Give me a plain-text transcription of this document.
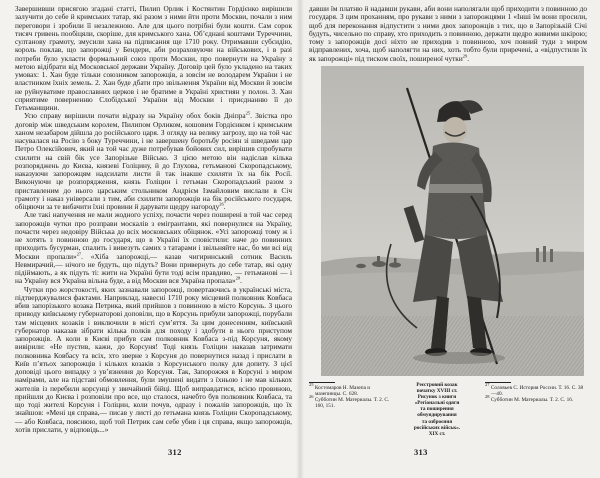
Завершивши присягою згадані статті, Пилип Орлик і Костянтин Гордієнко вирішили залучити до себе й кримських татар, які разом з ними йти проти Москви, почали з ним переговори і зробили її незалежною. Але для цього потрібні були кошти. Сам сорок тисяч гривень пообіцяли, скоріше, для кримського хана. Об’єднані коштами Туреччини, султанову грамоту, змусили хана на підписання ще 1710 року. Отримавши субсидію, король поклав, що запорожці у Бендери, аби розраховуючи на військових, і в разі потреби було укласти формальний союз проти Москви, про повернути на Україну з метою відібрати від Московської держави Україну. Договір цей було укладено на таких умовах: 1. Хан буде тільки союзником запорожців, а зовсім не володарем України і не властником їхніх земель. 2. Хан буде дбати про звільнення України від Москви й зовсім не руйнуватиме православних церков і не братиме в Україні християн у полон. 3. Хан сприятиме поверненню Слобідської України від Москви і приєднанню її до Гетьманщини.

Усю справу вирішили почати відразу на Україну обох боків Дніпра$^{25}$. Звістка про договір між шведським королем, Пилипом Орликом, кошовим Гордієнком і кримським ханом незабаром дійшла до російського царя. З огляду на велику загрозу, що на той час насувалася на Росію з боку Туреччини, і не завершену боротьбу росіян зі шведами цар Петро Олексійович, який на той час дуже потребував бойових сил, вирішив спробувати схилити на свій бік усе Запорізьке Військо. З цією метою він надіслав кілька розпоряджень до Києва, князеві Голіцину, й до Глухова, гетьманові Скоропадському, наказуючи запорожцям надсилати листи й так інакше схиляти їх на бік Росії. Виконуючи це розпорядження, князь Голіцин і гетьман Скоропадський разом з приставленим до нього царським стольником Андрієм Ізмайловим вислали в Січ грамоту і наказ універсали з тим, аби схилити запорожців на бік російського государя, обіцяючи за те вибачити їхні провини й дарувати щедру нагороду$^{26}$.

Але такі напучення не мали жодного успіху, почасти через поширені в той час серед запорожців чутки про розправи москалів з емігрантами, які повернулися на Україну, почасти через недовіру Війська до всіх московських обіцянок. «Усі запорожці тому ж і не хотять з повинною до государя, що в Україні їх сповістили: наче до повинних приходить бусурман, спалить і вивезуть самих з татарами і звільняйте нас, бо ми всі від Москви пропали»$^{27}$. «Хіба запорожці,— казав чигиринський сотник Василь Невмирачий,— нічого не будуть, що підуть? Вони привернуть до себе татар, які одну підіймають, а як підуть ті: жити на Україні бути тоді всім правдиво, — гетьманові — і на Україну вся Україна вільна буде, а від Москви вся Україна пропала»$^{28}$.

Чутки про жорстокості, яких зазнавали запорожці, повертаючись в українські міста, підтверджувалися фактами. Наприклад, навесні 1710 року місцевий полковник Ковбаса вбив запорізького козака Петрика, який прийшов з повинною в місто Корсунь. З цього приводу київському губернаторові доповіли, що в Корсунь прибули запорожці, порубали там місцевих козаків і виключили в місті сум’яття. За цим донесенням, київський губернатор наказав зібрати кілька полків для походу і здобути в нього приступом запорожців. А коли в Києві прибув сам полковник Ковбаса з-під Корсуня, якому вивірили: «Не пустив, кажи, до Корсуня! Тоді князь Голіцин наказав затримати полковника Ковбасу та всіх, хто зверне з Корсуня до повернутися назад і прислати в Київ п’ятьох запорожців і кількох козаків з Корсунського полку для допиту. З цієї доповіді цього випадку з ув’язнення до Корсуня. Так, Запорожжя в Корсуні з миром намірами, але на підставі обмовлення, були змушені видати з їхньою і не мав кількох жителів із перебили корсунці у звичайний бійці. Щоб виправдатися, всією провиною, прийшли до Києва і розповіли про все, що сталося, начебто був полковник Ковбаса, та що тоді жителі Корсуня і Голіцин, коли почув, одразу і пожалів запорожців, що їх знайшов: «Мені ця справа,— писав у листі до гетьмана князь Голіцин Скоропадському,— або Ковбаса, пояснюю, щоб той Петрик сам себе убив і ця справа, якщо запорожців, хотів прислати, у відповідь...»

312

давши їм платню й надавши рукави, аби вони наполягали щоб приходити з повинною до государя. З цим проханням, про рукави з ними з запорожцями 1 «Інші їм вони просили, щоб для переконання відпустити з ними двох запорожців з тих, що в Запорізькій Січі будуть, чисельно по справу, хто приходить з повинною, держати щедро живими шкірою; тому з запорожців досі ніхто не приходив з повинною, хоч повний туди з миром відправлених, хоча, щоб наполягти на них, хоть тобто були приречені, а «відпустили їх як запорожці» під тиском своїх, поширеної чутки$^{29}$.

$^{25}$ Костомаров Н. Мазепа и мазепинцы. С. 628.
$^{26}$ Субботин М. Материалы. Т. 2. С. 160, 151.
Реєстровий козак
початку XVIII ст.
Рисунок з книги
«Регіональні одяги
та поширення
обмундирування
та озброєння
російських військ».
XIX ст.
$^{27}$ Соловьев С. История России. Т. 16. С. 38—40.
$^{28}$ Субботин М. Материалы. Т. 2. С. 16.
313
